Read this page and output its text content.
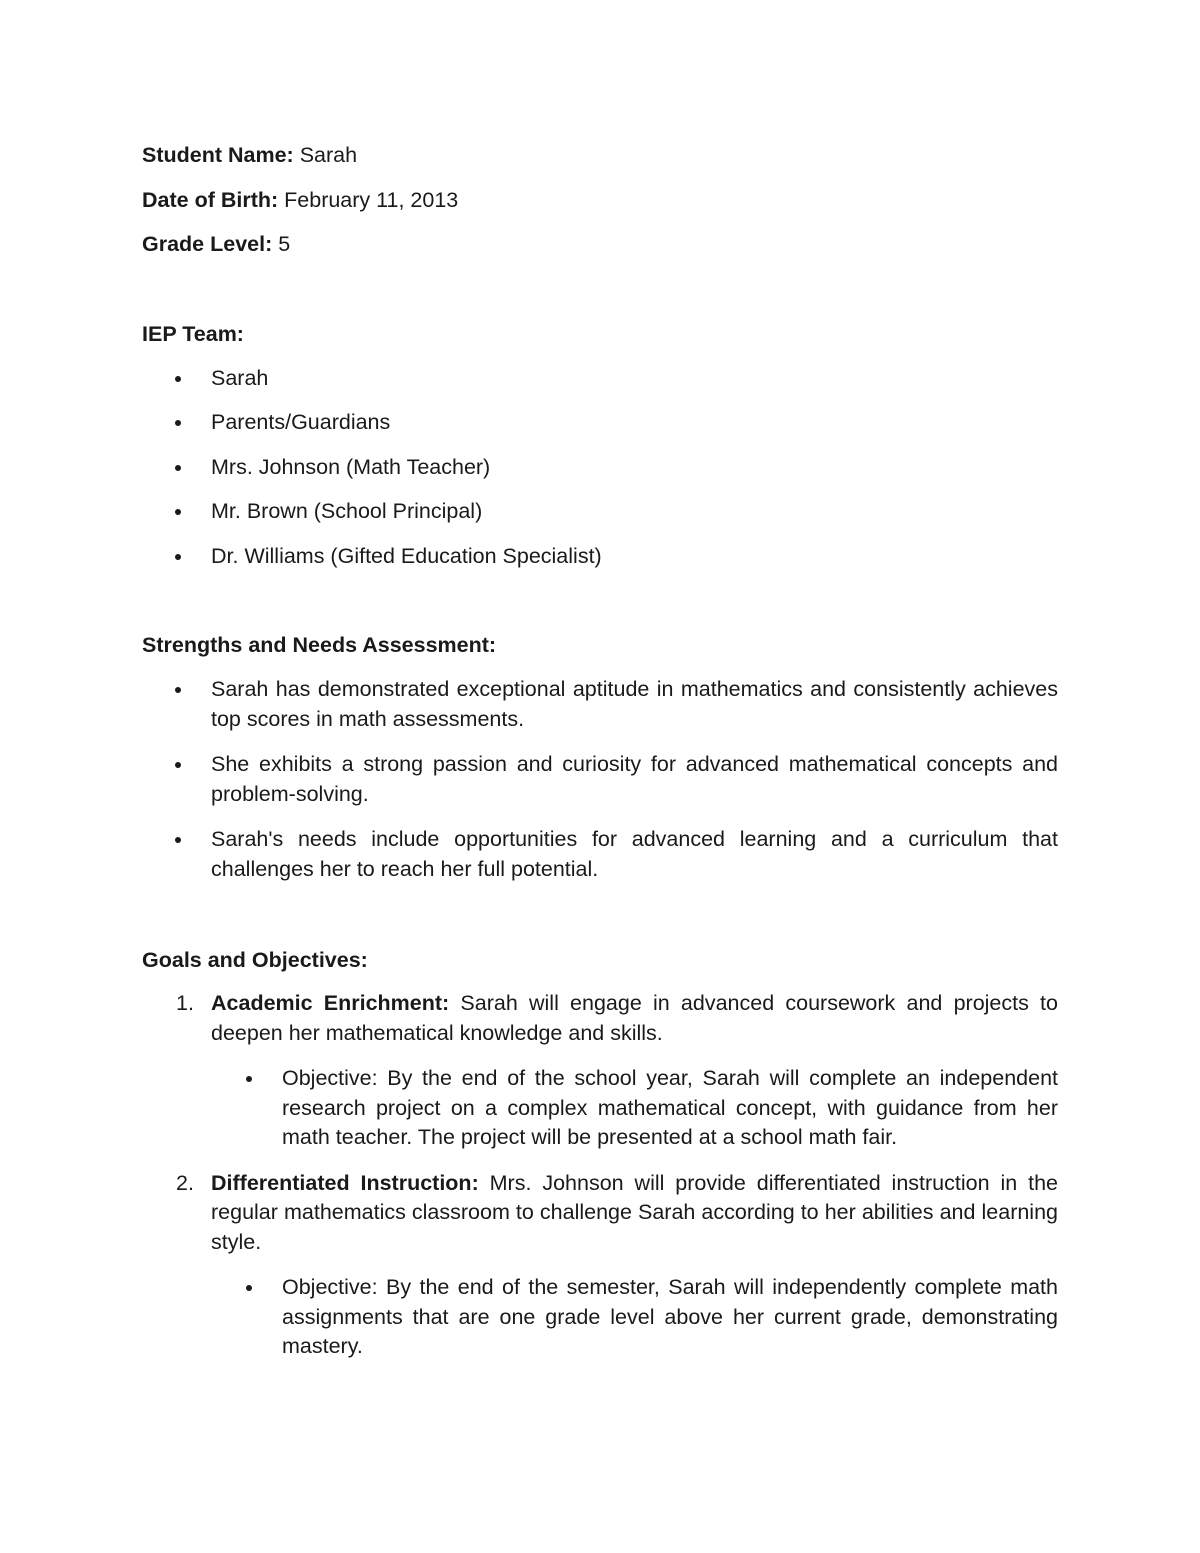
Student Name: Sarah

Date of Birth: February 11, 2013

Grade Level: 5

IEP Team:

Sarah
Parents/Guardians
Mrs. Johnson (Math Teacher)
Mr. Brown (School Principal)
Dr. Williams (Gifted Education Specialist)

Strengths and Needs Assessment:

Sarah has demonstrated exceptional aptitude in mathematics and consistently achieves top scores in math assessments.
She exhibits a strong passion and curiosity for advanced mathematical concepts and problem-solving.
Sarah's needs include opportunities for advanced learning and a curriculum that challenges her to reach her full potential.

Goals and Objectives:

1. Academic Enrichment: Sarah will engage in advanced coursework and projects to deepen her mathematical knowledge and skills.
Objective: By the end of the school year, Sarah will complete an independent research project on a complex mathematical concept, with guidance from her math teacher. The project will be presented at a school math fair.
2. Differentiated Instruction: Mrs. Johnson will provide differentiated instruction in the regular mathematics classroom to challenge Sarah according to her abilities and learning style.
Objective: By the end of the semester, Sarah will independently complete math assignments that are one grade level above her current grade, demonstrating mastery.
